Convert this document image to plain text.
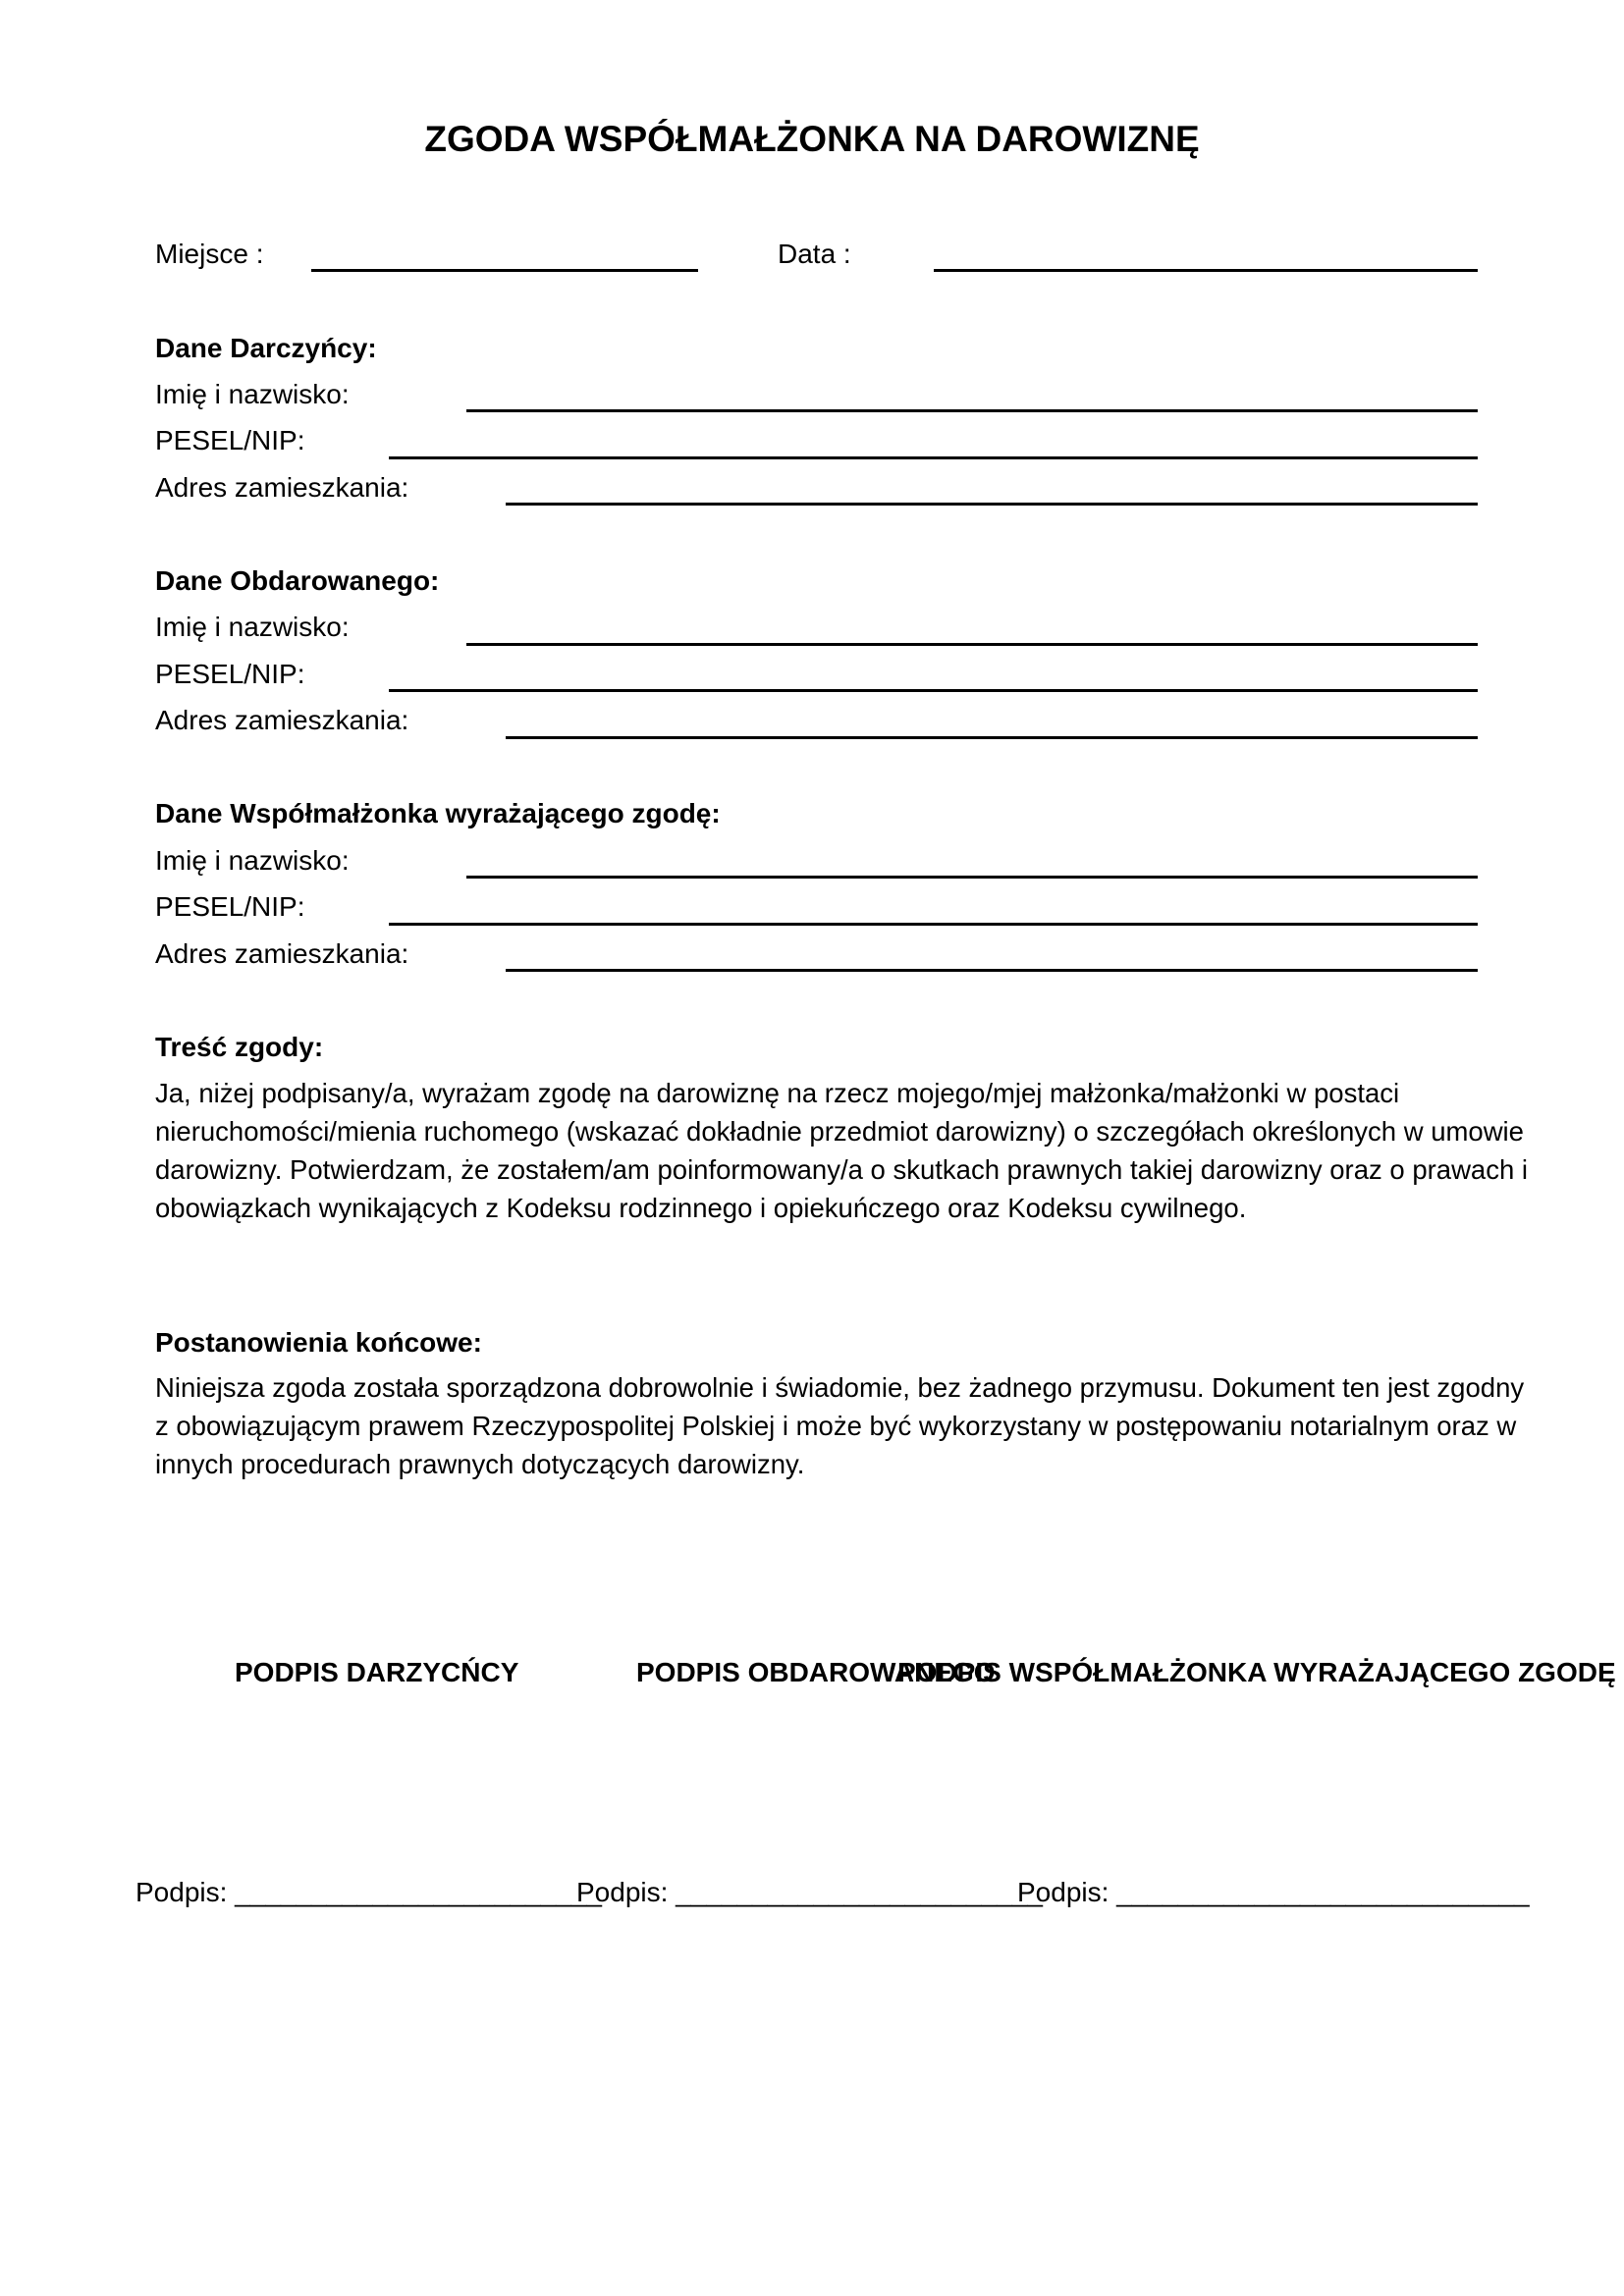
ZGODA WSPÓŁMAŁŻONKA NA DAROWIZNĘ
Miejsce :	Data :
Dane Darczyńcy:
Imię i nazwisko:
PESEL/NIP:
Adres zamieszkania:
Dane Obdarowanego:
Imię i nazwisko:
PESEL/NIP:
Adres zamieszkania:
Dane Współmałżonka wyrażającego zgodę:
Imię i nazwisko:
PESEL/NIP:
Adres zamieszkania:
Treść zgody:
Ja, niżej podpisany/a, wyrażam zgodę na darowiznę na rzecz mojego/mjej małżonka/małżonki w postaci nieruchomości/mienia ruchomego (wskazać dokładnie przedmiot darowizny) o szczegółach określonych w umowie darowizny. Potwierdzam, że zostałem/am poinformowany/a o skutkach prawnych takiej darowizny oraz o prawach i obowiązkach wynikających z Kodeksu rodzinnego i opiekuńczego oraz Kodeksu cywilnego.
Postanowienia końcowe:
Niniejsza zgoda została sporządzona dobrowolnie i świadomie, bez żadnego przymusu. Dokument ten jest zgodny z obowiązującym prawem Rzeczypospolitej Polskiej i może być wykorzystany w postępowaniu notarialnym oraz w innych procedurach prawnych dotyczących darowizny.
PODPIS DARZYCŃCY	PODPIS OBDAROWANEGO
PODPIS WSPÓŁMAŁŻONKA WYRAŻAJĄCEGO ZGODĘ
Podpis: ________________________
Podpis: ________________________
Podpis: ___________________________
